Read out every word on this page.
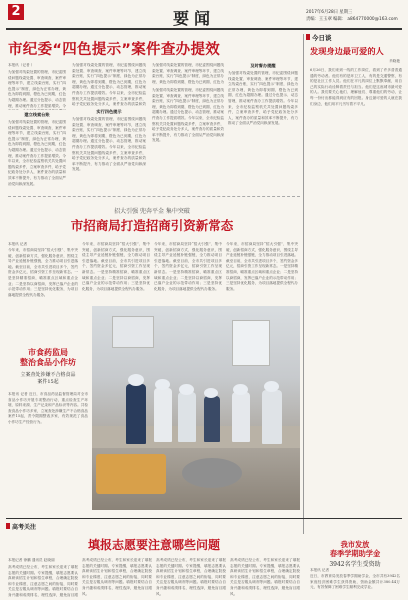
2	要闻	2017年6月28日 星期三
责编：王玉翠 编辑： a864770000@163.com
市纪委“四色提示”案件查办提效
本报讯（记者 ）
为加强对线索处置的管理，市纪委围绕问题线索处置、审查调查、案件审理等环节，建立线索台账，实行“四色提示”制度，绿色为正常办理，黄色为即将到期，橙色为已到期，红色为超期办理。通过分色提示、动态管理，推动案件查办工作提质增效。今
建立线索台账
为加强对线索处置的管理，市纪委围绕问题线索处置、审查调查、案件审理等环节，建立线索台账，实行“四色提示”制度，绿色为正常办理，黄色为即将到期，橙色为已到期，红色为超期办理。通过分色提示、动态管理，推动案件查办工作提质增效。今年以来，全市纪检监察机关共处置问题线索多件，立案审查多件，给予党纪政务处分多人，案件查办的质量和效率不断提升，有力推动了全面从严治党向纵深发展。
为加强对线索处置的管理，市纪委围绕问题线索处置、审查调查、案件审理等环节，建立线索台账，实行“四色提示”制度，绿色为正常办理，黄色为即将到期，橙色为已到期，红色为超期办理。通过分色提示、动态管理，推动案件查办工作提质增效。今年以来，全市纪检监察机关共处置问题线索多件，立案审查多件，给予党纪政务处分多人，案件查办的质量和效
实行四色提示
为加强对线索处置的管理，市纪委围绕问题线索处置、审查调查、案件审理等环节，建立线索台账，实行“四色提示”制度，绿色为正常办理，黄色为即将到期，橙色为已到期，红色为超期办理。通过分色提示、动态管理，推动案件查办工作提质增效。今年以来，全市纪检监察机关共处置问题线索多件，立案审查多件，给予党纪政务处分多人，案件查办的质量和效率不断提升，有力推动了全面从严治党向纵深发展。
为加强对线索处置的管理，市纪委围绕问题线索处置、审查调查、案件审理等环节，建立线索台账，实行“四色提示”制度，绿色为正常办理，黄色为即将到期，橙色为已到期，红色为
及时督办提醒
为加强对线索处置的管理，市纪委围绕问题线索处置、审查调查、案件审理等环节，建立线索台账，实行“四色提示”制度，绿色为正常办理，黄色为即将到期，橙色为已到期，红色为超期办理。通过分色提示、动态管理，推动案件查办工作提质增效。今年以来，全市纪检监察机关共处置问题线索多件，立案审查多件，给予党纪政务处分多人，案件查办的质量和效率不断提升，有力推动了全面从严治党向纵深发展。
为加强对线索处置的管理，市纪委围绕问题线索处置、审查调查、案件审理等环节，建立线索台账，实行“四色提示”制度，绿色为正常办理，黄色为即将到期，橙色为已到期，红色为超期办理。通过分色提示、动态管理，推动案件查办工作提质增效。今年以来，全市纪检监察机关共处置问题线索多件，立案审查多件，给予党纪政务处分多人，案件查办的质量和效率不断提升，有力推动了全面从严治党向纵深发展。
今日谈
发现身边最可爱的人
肖晓艳
6月26日，我们来到一线的工作岗位，看到了许多普普通通的劳动者。他们有的是环卫工人，有的是交通警察，有的是社区工作人员。他们在平凡的岗位上默默奉献，用自己的实际行动诠释着责任与担当。他们是这座城市最可爱的人。我们要关心他们、理解他们、尊重他们的劳动，让每一份付出都能得到应有的回报。身边最可爱的人就在我们身边，他们用平凡书写着不平凡。
招大引强 兜奔平金 集中突破
市招商局打造招商引资新常态
本报讯 记者
今年来，市招商局坚持“招大引强”、集中突破，创新招商方式，强化服务意识，围绕主导产业延链补链强链，全力推动项目引进落地。截至目前，全市共引进项目多个，签约资金多亿元，招商引资工作呈现新常态。一是坚持精准招商，瞄准重点区域和重点企业；二是坚持以商招商，发挥已落户企业的示范带动作用；三是坚持优化服务，为项目落地提供全程代办服务。
今年来，市招商局坚持“招大引强”、集中突破，创新招商方式，强化服务意识，围绕主导产业延链补链强链，全力推动项目引进落地。截至目前，全市共引进项目多个，签约资金多亿元，招商引资工作呈现新常态。一是坚持精准招商，瞄准重点区域和重点企业；二是坚持以商招商，发挥已落户企业的示范带动作用；三是坚持优化服务，为项目落地提供全程代办服务。
今年来，市招商局坚持“招大引强”、集中突破，创新招商方式，强化服务意识，围绕主导产业延链补链强链，全力推动项目引进落地。截至目前，全市共引进项目多个，签约资金多亿元，招商引资工作呈现新常态。一是坚持精准招商，瞄准重点区域和重点企业；二是坚持以商招商，发挥已落户企业的示范带动作用；三是坚持优化服务，为项目落地提供全程代办服务。
今年来，市招商局坚持“招大引强”、集中突破，创新招商方式，强化服务意识，围绕主导产业延链补链强链，全力推动项目引进落地。截至目前，全市共引进项目多个，签约资金多亿元，招商引资工作呈现新常态。一是坚持精准招商，瞄准重点区域和重点企业；二是坚持以商招商，发挥已落户企业的示范带动作用；三是坚持优化服务，为项目落地提供全程代办服务。
市食药监局
整治食品小作坊
立案查处涉嫌不合格食品
案件15起
本报讯 记者 近日，市食品药品监督管理局对全市食品小作坊开展专项整治行动，重点检查生产环境、原料来源、生产记录和产品标识等内容。共检查食品小作坊多家，立案查处涉嫌生产不合格食品案件15起，责令限期整改多家，有效规范了食品小作坊生产经营行为。
高考关注
填报志愿要注意哪些问题
本报记者 徐鹏 通讯员 赵晓丽
高考成绩已经公布，考生和家长迎来了填报志愿的关键时期。专家提醒，填报志愿要认真研读招生计划和招生章程，合理确定院校和专业梯度，注意志愿之间的衔接，同时要关注是否服从调剂等问题。填报时要结合自身兴趣和成绩排名，理性选择，避免盲目跟
高考成绩已经公布，考生和家长迎来了填报志愿的关键时期。专家提醒，填报志愿要认真研读招生计划和招生章程，合理确定院校和专业梯度，注意志愿之间的衔接，同时要关注是否服从调剂等问题。填报时要结合自身兴趣和成绩排名，理性选择，避免盲目跟风。
高考成绩已经公布，考生和家长迎来了填报志愿的关键时期。专家提醒，填报志愿要认真研读招生计划和招生章程，合理确定院校和专业梯度，注意志愿之间的衔接，同时要关注是否服从调剂等问题。填报时要结合自身兴趣和成绩排名，理性选择，避免盲目跟风。
高考成绩已经公布，考生和家长迎来了填报志愿的关键时期。专家提醒，填报志愿要认真研读招生计划和招生章程，合理确定院校和专业梯度，注意志愿之间的衔接，同时要关注是否服从调剂等问题。填报时要结合自身兴趣和成绩排名，理性选择，避免盲目跟风。
我市发放
春季学期助学金
3942名学生受资助
本报讯 记者
近日，市教育局发放春季学期助学金，全市共有3942名家庭经济困难学生获得资助，资助金额共计380.44万元，有效保障了困难学生顺利完成学业。
